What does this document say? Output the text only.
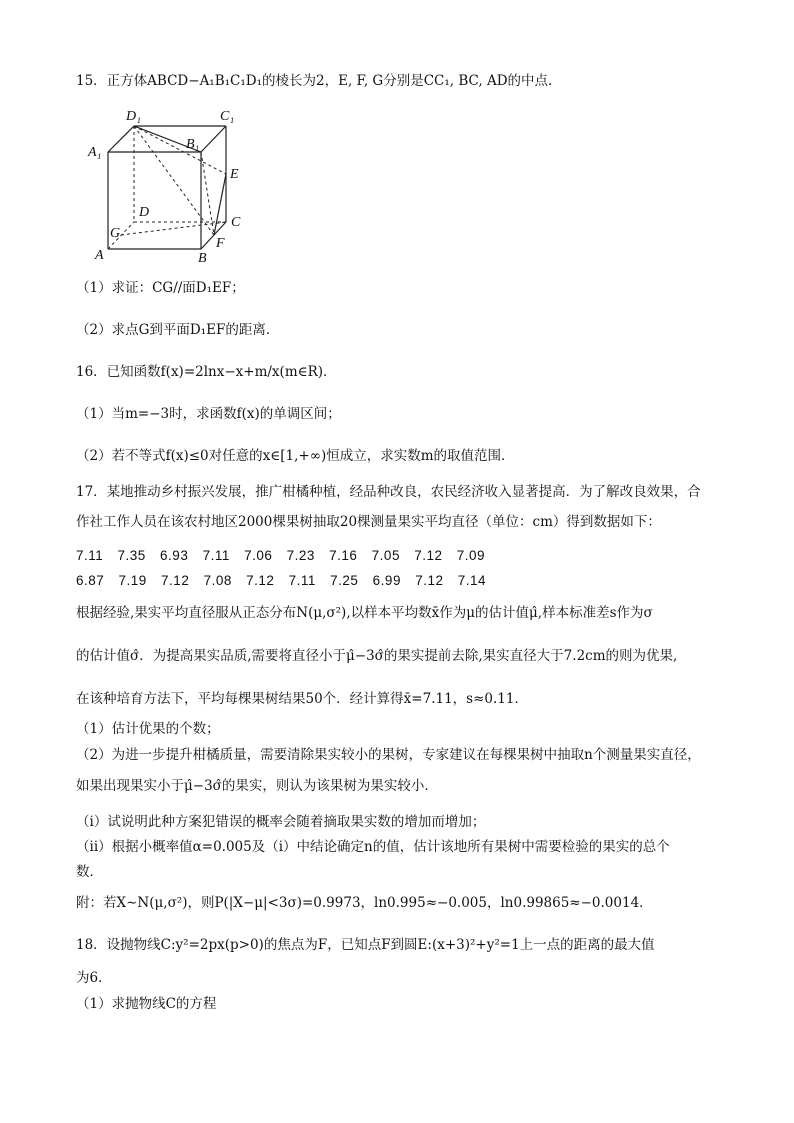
15．正方体ABCD−A₁B₁C₁D₁的棱长为2，E, F, G分别是CC₁, BC, AD的中点．
D₁	C₁
A₁
B₁
E
D
C
G
F
A	B
（1）求证：CG//面D₁EF；
（2）求点G到平面D₁EF的距离．
16．已知函数f(x)=2lnx−x+m/x(m∈R)．
（1）当m=−3时，求函数f(x)的单调区间；
（2）若不等式f(x)≤0对任意的x∈[1,+∞)恒成立，求实数m的取值范围．
17．某地推动乡村振兴发展，推广柑橘种植，经品种改良，农民经济收入显著提高．为了解改良效果，合
作社工作人员在该农村地区2000棵果树抽取20棵测量果实平均直径（单位：cm）得到数据如下：
7.11 7.35 6.93 7.11 7.06 7.23 7.16 7.05 7.12 7.09
6.87 7.19 7.12 7.08 7.12 7.11 7.25 6.99 7.12 7.14
根据经验,果实平均直径服从正态分布N(μ,σ²),以样本平均数x̄作为μ的估计值μ̂,样本标准差s作为σ
的估计值σ̂．为提高果实品质,需要将直径小于μ̂−3σ̂的果实提前去除,果实直径大于7.2cm的则为优果,
在该种培育方法下，平均每棵果树结果50个．经计算得x̄=7.11，s≈0.11．
（1）估计优果的个数；
（2）为进一步提升柑橘质量，需要清除果实较小的果树，专家建议在每棵果树中抽取n个测量果实直径，
如果出现果实小于μ̂−3σ̂的果实，则认为该果树为果实较小．
（i）试说明此种方案犯错误的概率会随着摘取果实数的增加而增加；
（ii）根据小概率值α=0.005及（i）中结论确定n的值，估计该地所有果树中需要检验的果实的总个
数．
附：若X∼N(μ,σ²)，则P(|X−μ|<3σ)=0.9973，ln0.995≈−0.005，ln0.99865≈−0.0014．
18．设抛物线C:y²=2px(p>0)的焦点为F，已知点F到圆E:(x+3)²+y²=1上一点的距离的最大值
为6．
（1）求抛物线C的方程
